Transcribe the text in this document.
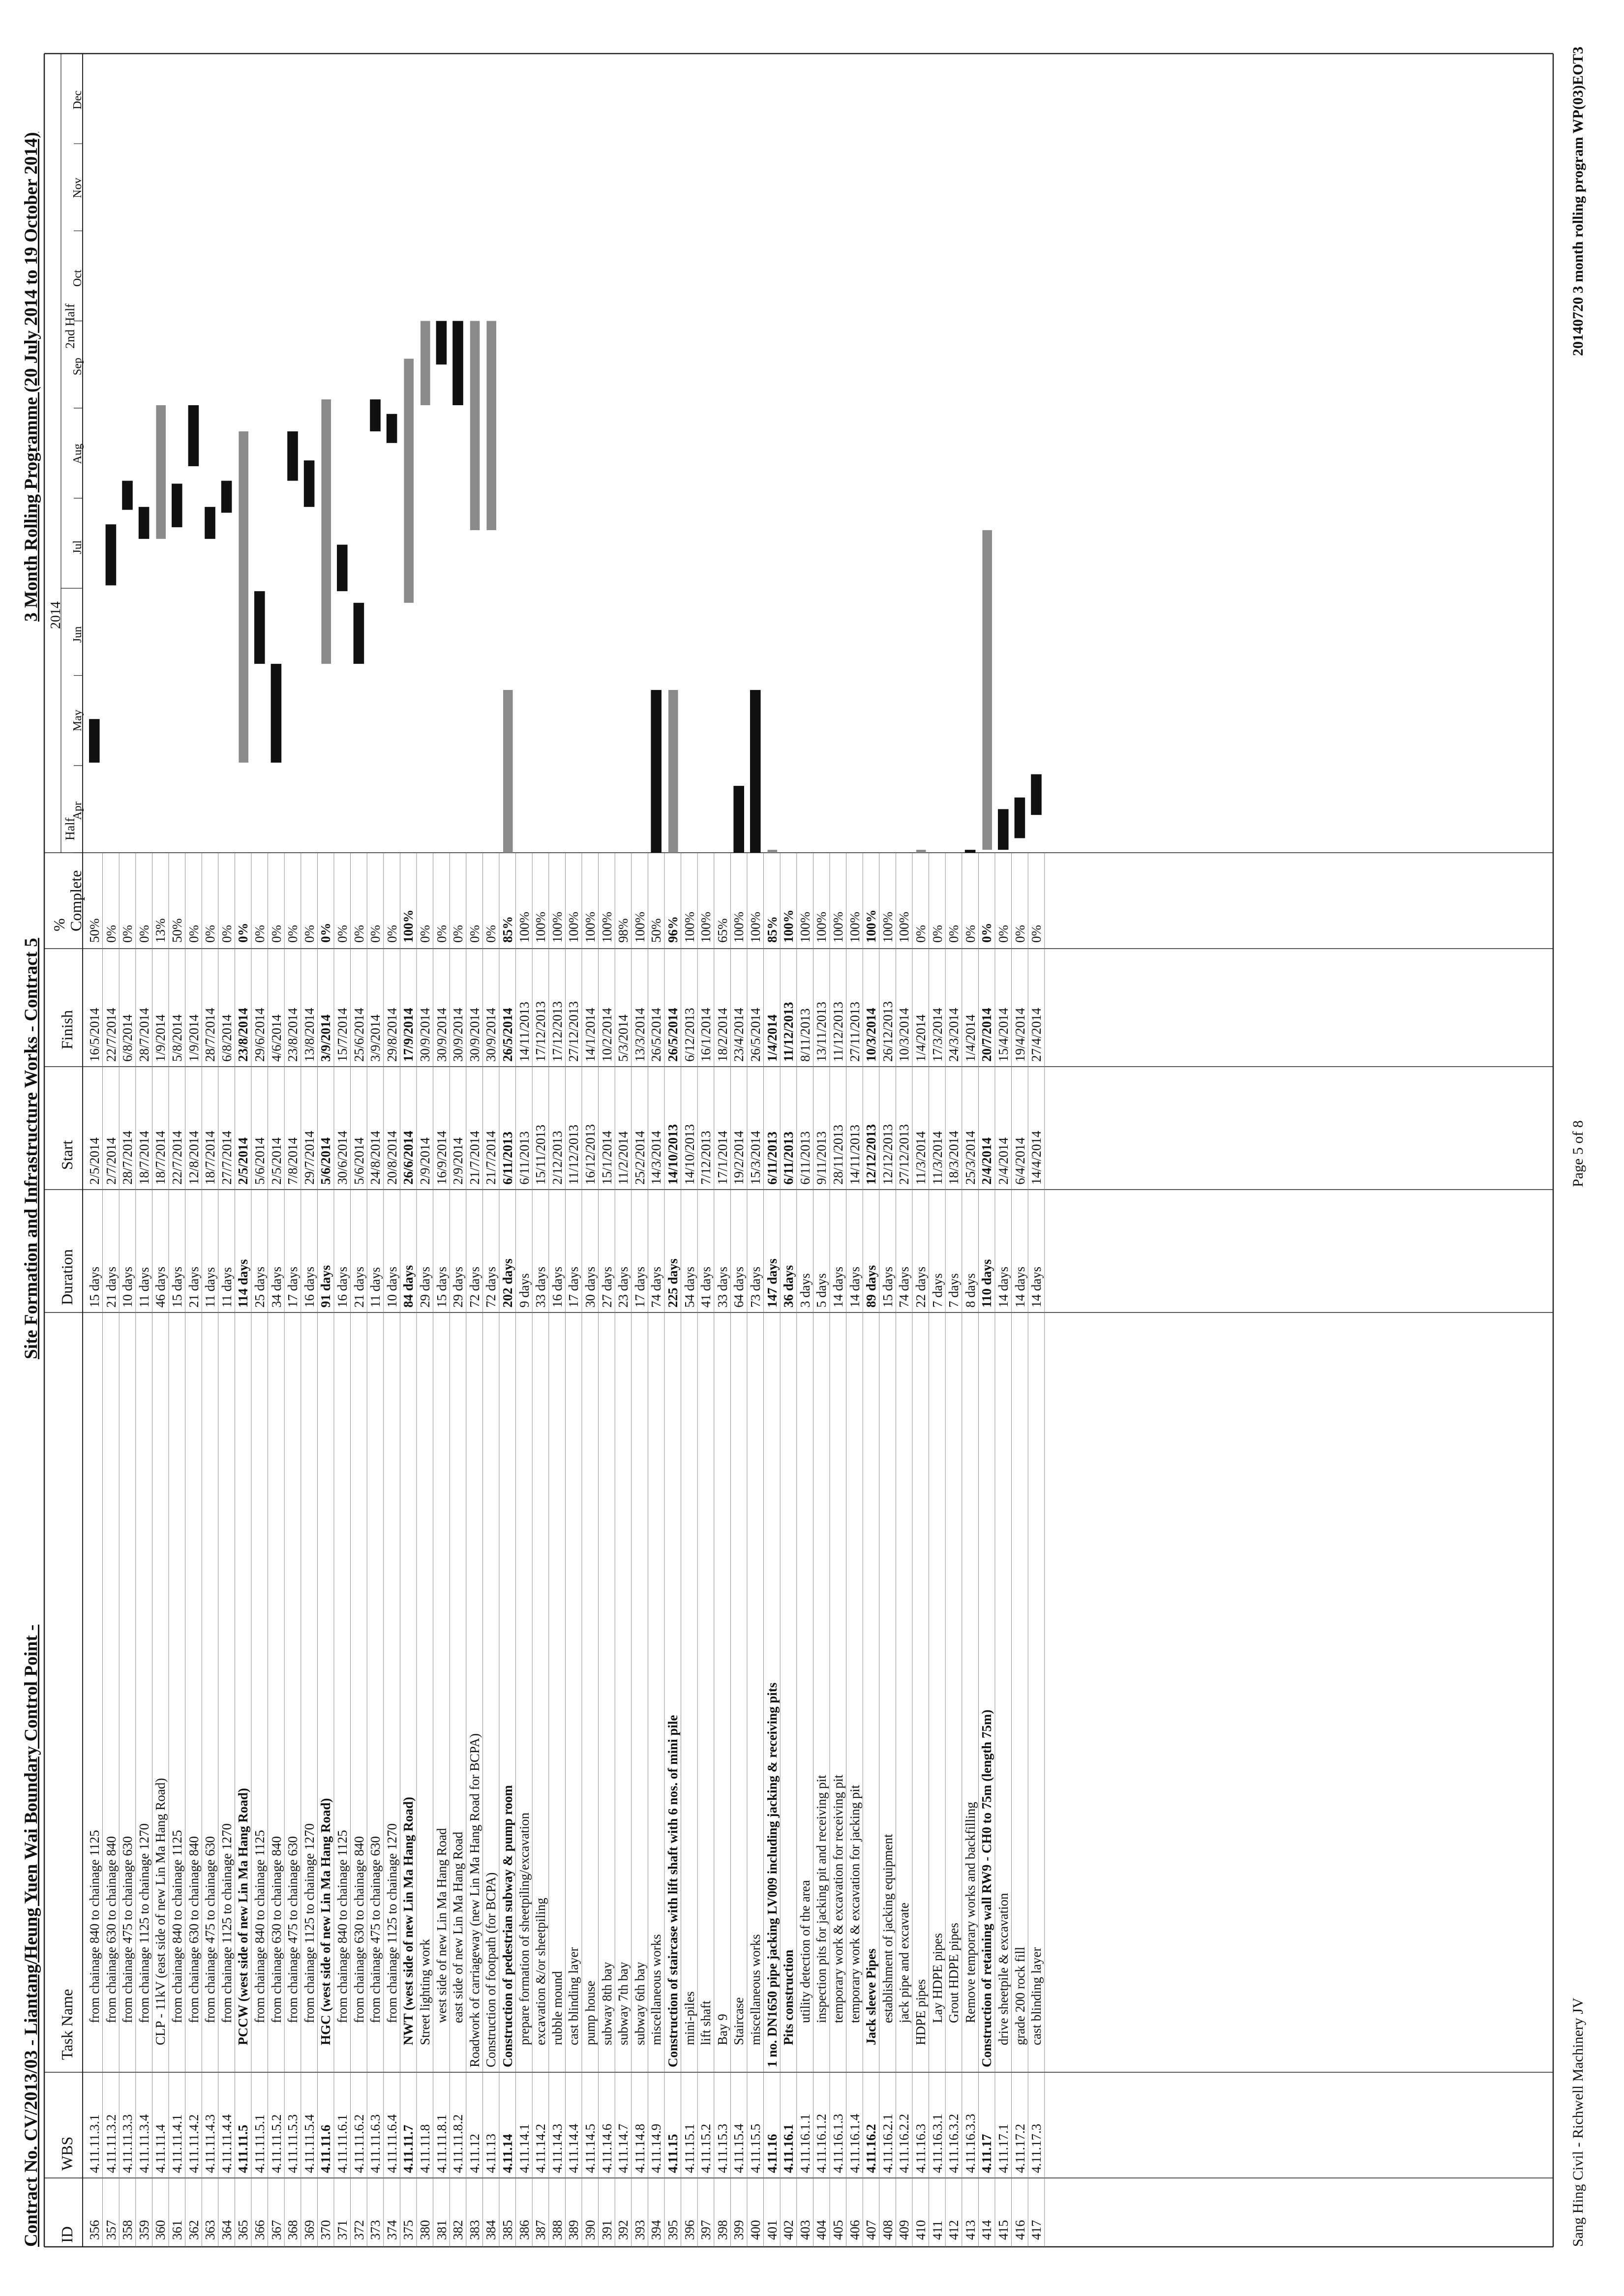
Contract No. CV/2013/03 - Liantang/Heung Yuen Wai Boundary Control Point -
Site Formation and Infrastructure Works - Contract 5
3 Month Rolling Programme (20 July 2014 to 19 October 2014)
ID
WBS
Task Name
Duration
Start
Finish
%
Complete
2014
Half
2nd Half
Apr
May
Jun
Jul
Aug
Sep
Oct
Nov
Dec
356
4.11.11.3.1
from chainage 840 to chainage 1125
15 days
2/5/2014
16/5/2014
50%
357
4.11.11.3.2
from chainage 630 to chainage 840
21 days
2/7/2014
22/7/2014
0%
358
4.11.11.3.3
from chainage 475 to chainage 630
10 days
28/7/2014
6/8/2014
0%
359
4.11.11.3.4
from chainage 1125 to chainage 1270
11 days
18/7/2014
28/7/2014
0%
360
4.11.11.4
CLP - 11kV (east side of new Lin Ma Hang Road)
46 days
18/7/2014
1/9/2014
13%
361
4.11.11.4.1
from chainage 840 to chainage 1125
15 days
22/7/2014
5/8/2014
50%
362
4.11.11.4.2
from chainage 630 to chainage 840
21 days
12/8/2014
1/9/2014
0%
363
4.11.11.4.3
from chainage 475 to chainage 630
11 days
18/7/2014
28/7/2014
0%
364
4.11.11.4.4
from chainage 1125 to chainage 1270
11 days
27/7/2014
6/8/2014
0%
365
4.11.11.5
PCCW (west side of new Lin Ma Hang Road)
114 days
2/5/2014
23/8/2014
0%
366
4.11.11.5.1
from chainage 840 to chainage 1125
25 days
5/6/2014
29/6/2014
0%
367
4.11.11.5.2
from chainage 630 to chainage 840
34 days
2/5/2014
4/6/2014
0%
368
4.11.11.5.3
from chainage 475 to chainage 630
17 days
7/8/2014
23/8/2014
0%
369
4.11.11.5.4
from chainage 1125 to chainage 1270
16 days
29/7/2014
13/8/2014
0%
370
4.11.11.6
HGC (west side of new Lin Ma Hang Road)
91 days
5/6/2014
3/9/2014
0%
371
4.11.11.6.1
from chainage 840 to chainage 1125
16 days
30/6/2014
15/7/2014
0%
372
4.11.11.6.2
from chainage 630 to chainage 840
21 days
5/6/2014
25/6/2014
0%
373
4.11.11.6.3
from chainage 475 to chainage 630
11 days
24/8/2014
3/9/2014
0%
374
4.11.11.6.4
from chainage 1125 to chainage 1270
10 days
20/8/2014
29/8/2014
0%
375
4.11.11.7
NWT (west side of new Lin Ma Hang Road)
84 days
26/6/2014
17/9/2014
100%
380
4.11.11.8
Street lighting work
29 days
2/9/2014
30/9/2014
0%
381
4.11.11.8.1
west side of new Lin Ma Hang Road
15 days
16/9/2014
30/9/2014
0%
382
4.11.11.8.2
east side of new Lin Ma Hang Road
29 days
2/9/2014
30/9/2014
0%
383
4.11.12
Roadwork of carriageway (new Lin Ma Hang Road for BCPA)
72 days
21/7/2014
30/9/2014
0%
384
4.11.13
Construction of footpath (for BCPA)
72 days
21/7/2014
30/9/2014
0%
385
4.11.14
Construction of pedestrian subway & pump room
202 days
6/11/2013
26/5/2014
85%
386
4.11.14.1
prepare formation of sheetpiling/excavation
9 days
6/11/2013
14/11/2013
100%
387
4.11.14.2
excavation &/or sheetpiling
33 days
15/11/2013
17/12/2013
100%
388
4.11.14.3
rubble mound
16 days
2/12/2013
17/12/2013
100%
389
4.11.14.4
cast blinding layer
17 days
11/12/2013
27/12/2013
100%
390
4.11.14.5
pump house
30 days
16/12/2013
14/1/2014
100%
391
4.11.14.6
subway 8th bay
27 days
15/1/2014
10/2/2014
100%
392
4.11.14.7
subway 7th bay
23 days
11/2/2014
5/3/2014
98%
393
4.11.14.8
subway 6th bay
17 days
25/2/2014
13/3/2014
100%
394
4.11.14.9
miscellaneous works
74 days
14/3/2014
26/5/2014
50%
395
4.11.15
Construction of staircase with lift shaft with 6 nos. of mini pile
225 days
14/10/2013
26/5/2014
96%
396
4.11.15.1
mini-piles
54 days
14/10/2013
6/12/2013
100%
397
4.11.15.2
lift shaft
41 days
7/12/2013
16/1/2014
100%
398
4.11.15.3
Bay 9
33 days
17/1/2014
18/2/2014
65%
399
4.11.15.4
Staircase
64 days
19/2/2014
23/4/2014
100%
400
4.11.15.5
miscellaneous works
73 days
15/3/2014
26/5/2014
100%
401
4.11.16
1 no. DN1650 pipe jacking LV009 including jacking & receiving pits
147 days
6/11/2013
1/4/2014
85%
402
4.11.16.1
Pits construction
36 days
6/11/2013
11/12/2013
100%
403
4.11.16.1.1
utility detection of the area
3 days
6/11/2013
8/11/2013
100%
404
4.11.16.1.2
inspection pits for jacking pit and receiving pit
5 days
9/11/2013
13/11/2013
100%
405
4.11.16.1.3
temporary work & excavation for receiving pit
14 days
28/11/2013
11/12/2013
100%
406
4.11.16.1.4
temporary work & excavation for jacking pit
14 days
14/11/2013
27/11/2013
100%
407
4.11.16.2
Jack sleeve Pipes
89 days
12/12/2013
10/3/2014
100%
408
4.11.16.2.1
establishment of jacking equipment
15 days
12/12/2013
26/12/2013
100%
409
4.11.16.2.2
jack pipe and excavate
74 days
27/12/2013
10/3/2014
100%
410
4.11.16.3
HDPE pipes
22 days
11/3/2014
1/4/2014
0%
411
4.11.16.3.1
Lay HDPE pipes
7 days
11/3/2014
17/3/2014
0%
412
4.11.16.3.2
Grout HDPE pipes
7 days
18/3/2014
24/3/2014
0%
413
4.11.16.3.3
Remove temporary works and backfilling
8 days
25/3/2014
1/4/2014
0%
414
4.11.17
Construction of retaining wall RW9 - CH0 to 75m (length 75m)
110 days
2/4/2014
20/7/2014
0%
415
4.11.17.1
drive sheetpile & excavation
14 days
2/4/2014
15/4/2014
0%
416
4.11.17.2
grade 200 rock fill
14 days
6/4/2014
19/4/2014
0%
417
4.11.17.3
cast blinding layer
14 days
14/4/2014
27/4/2014
0%
Sang Hing Civil - Richwell Machinery JV
Page 5 of 8
20140720 3 month rolling program WP(03)EOT3
